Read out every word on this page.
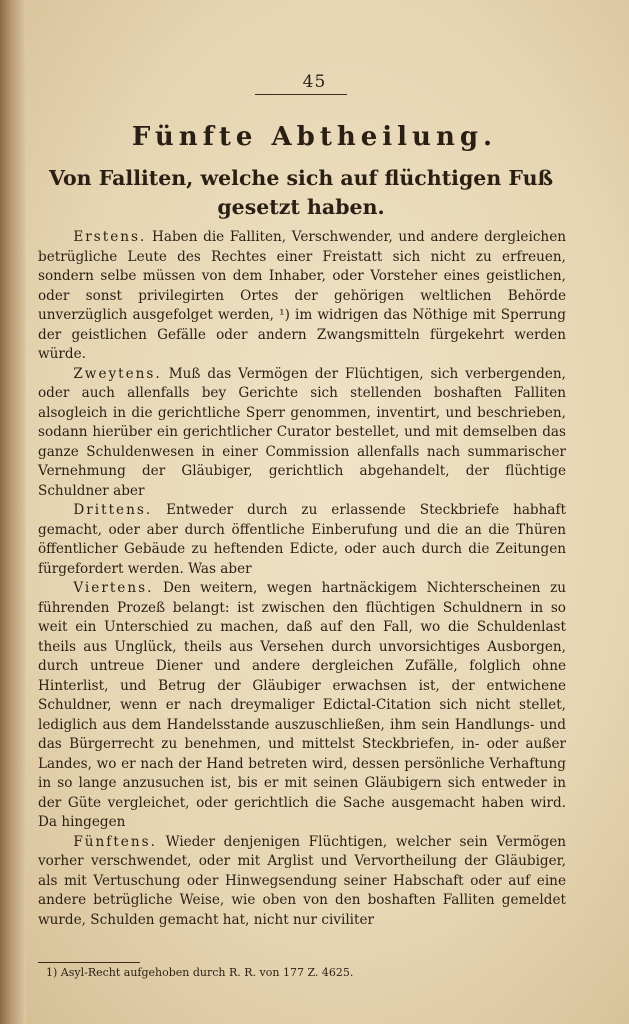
45
Fünfte Abtheilung.
Von Falliten, welche sich auf flüchtigen Fuß gesetzt haben.

Erstens. Haben die Falliten, Verschwender, und andere dergleichen betrügliche Leute des Rechtes einer Freistatt sich nicht zu erfreuen, sondern selbe müssen von dem Inhaber, oder Vorsteher eines geistlichen, oder sonst privilegirten Ortes der gehörigen weltlichen Behörde unverzüglich ausgefolget werden, ¹) im widrigen das Nöthige mit Sperrung der geistlichen Gefälle oder andern Zwangsmitteln fürgekehrt werden würde.

Zweytens. Muß das Vermögen der Flüchtigen, sich verbergenden, oder auch allenfalls bey Gerichte sich stellenden boshaften Falliten alsogleich in die gerichtliche Sperr genommen, inventirt, und beschrieben, sodann hierüber ein gerichtlicher Curator bestellet, und mit demselben das ganze Schuldenwesen in einer Commission allenfalls nach summarischer Vernehmung der Gläubiger, gerichtlich abgehandelt, der flüchtige Schuldner aber

Drittens. Entweder durch zu erlassende Steckbriefe habhaft gemacht, oder aber durch öffentliche Einberufung und die an die Thüren öffentlicher Gebäude zu heftenden Edicte, oder auch durch die Zeitungen fürgefordert werden. Was aber

Viertens. Den weitern, wegen hartnäckigem Nichterscheinen zu führenden Prozeß belangt: ist zwischen den flüchtigen Schuldnern in so weit ein Unterschied zu machen, daß auf den Fall, wo die Schuldenlast theils aus Unglück, theils aus Versehen durch unvorsichtiges Ausborgen, durch untreue Diener und andere dergleichen Zufälle, folglich ohne Hinterlist, und Betrug der Gläubiger erwachsen ist, der entwichene Schuldner, wenn er nach dreymaliger Edictal-Citation sich nicht stellet, lediglich aus dem Handelsstande auszuschließen, ihm sein Handlungs- und das Bürgerrecht zu benehmen, und mittelst Steckbriefen, in- oder außer Landes, wo er nach der Hand betreten wird, dessen persönliche Verhaftung in so lange anzusuchen ist, bis er mit seinen Gläubigern sich entweder in der Güte vergleichet, oder gerichtlich die Sache ausgemacht haben wird. Da hingegen

Fünftens. Wieder denjenigen Flüchtigen, welcher sein Vermögen vorher verschwendet, oder mit Arglist und Vervortheilung der Gläubiger, als mit Vertuschung oder Hinwegsendung seiner Habschaft oder auf eine andere betrügliche Weise, wie oben von den boshaften Falliten gemeldet wurde, Schulden gemacht hat, nicht nur civiliter

1) Asyl-Recht aufgehoben durch R. R. von 177 Z. 4625.
